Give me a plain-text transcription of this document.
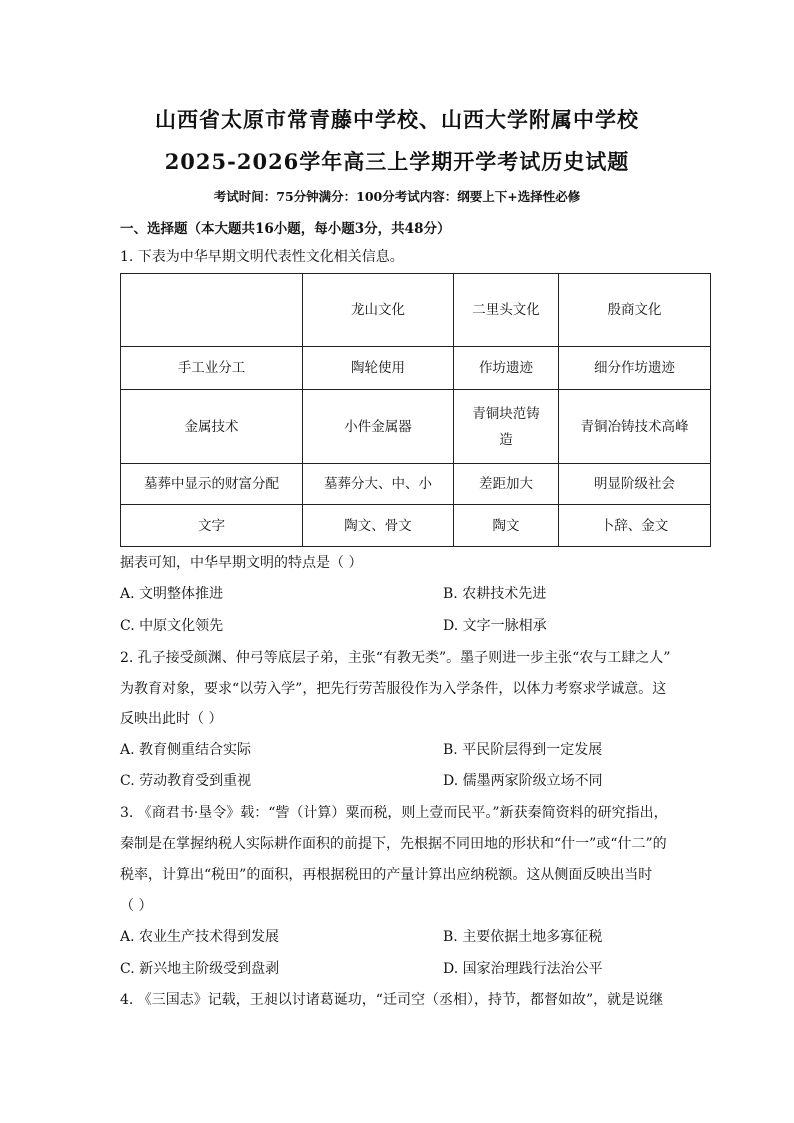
山西省太原市常青藤中学校、山西大学附属中学校
2025-2026学年高三上学期开学考试历史试题
考试时间：75分钟满分：100分考试内容：纲要上下+选择性必修
一、选择题（本大题共16小题，每小题3分，共48分）
1. 下表为中华早期文明代表性文化相关信息。
	龙山文化	二里头文化	殷商文化
手工业分工	陶轮使用	作坊遗迹	细分作坊遗迹
金属技术	小件金属器	青铜块范铸造	青铜冶铸技术高峰
墓葬中显示的财富分配	墓葬分大、中、小	差距加大	明显阶级社会
文字	陶文、骨文	陶文	卜辞、金文
据表可知，中华早期文明的特点是（ ）
A. 文明整体推进	B. 农耕技术先进
C. 中原文化领先	D. 文字一脉相承
2. 孔子接受颜渊、仲弓等底层子弟，主张“有教无类”。墨子则进一步主张“农与工肆之人”
为教育对象，要求“以劳入学”，把先行劳苦服役作为入学条件，以体力考察求学诚意。这
反映出此时（ ）
A. 教育侧重结合实际	B. 平民阶层得到一定发展
C. 劳动教育受到重视	D. 儒墨两家阶级立场不同
3. 《商君书·垦令》载：“訾（计算）粟而税，则上壹而民平。”新获秦简资料的研究指出，
秦制是在掌握纳税人实际耕作面积的前提下，先根据不同田地的形状和“什一”或“什二”的
税率，计算出“税田”的面积，再根据税田的产量计算出应纳税额。这从侧面反映出当时
（ ）
A. 农业生产技术得到发展	B. 主要依据土地多寡征税
C. 新兴地主阶级受到盘剥	D. 国家治理践行法治公平
4. 《三国志》记载，王昶以讨诸葛诞功，“迁司空（丞相），持节，都督如故”，就是说继
